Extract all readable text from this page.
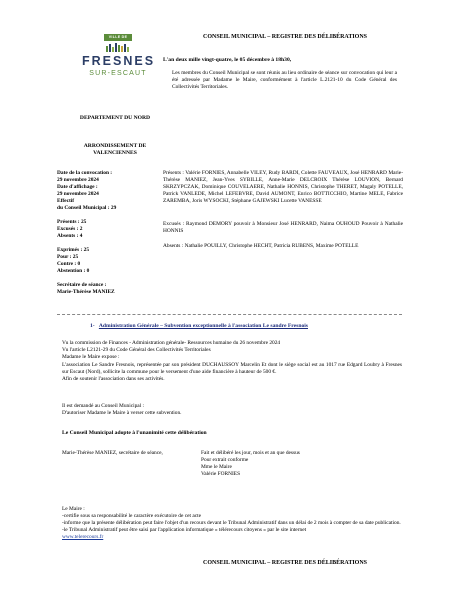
VILLE DE
FRESNES
SUR-ESCAUT
DEPARTEMENT DU NORD
ARRONDISSEMENT DE VALENCIENNES
CONSEIL MUNICIPAL – REGISTRE DES DÉLIBÉRATIONS
L'an deux mille vingt-quatre, le 05 décembre à 18h30,
Les membres du Conseil Municipal se sont réunis au lieu ordinaire de séance sur convocation qui leur a été adressée par Madame le Maire, conformément à l'article L.2121-10 du Code Général des Collectivités Territoriales.
Date de la convocation :
29 novembre 2024
Date d'affichage :
29 novembre 2024
Effectif
du Conseil Municipal : 29
Présents : 25
Excusés : 2
Absents : 4
Exprimés : 25
Pour : 25
Contre : 0
Abstention : 0
Secrétaire de séance :
Marie-Thérèse MANIEZ
Présents : Valérie FORNIES, Annabelle VILEY, Rudy BARDI, Colette FAUVEAUX, José HENRARD Marie-Thérèse MANIEZ, Jean-Yves SYBILLE, Anne-Marie DELCROIX Thérèse LOUVION, Bernard SKRZYPCZAK, Dominique COUVELAERE, Nathalie HONNIS, Christophe THERET, Magaly POTELLE, Patrick VANLEDE, Michel LEFEBVRE, David AUMONT, Enrico BOTTICCHIO, Martine MELE, Fabrice ZAREMBA, Joris WYSOCKI, Stéphane GAJEWSKI Lucette VANESSE
Excusés : Raymond DEMORY pouvoir à Monsieur José HENRARD, Naima OUHOUD Pouvoir à Nathalie HONNIS
Absents : Nathalie POUILLY, Christophe HECHT, Patricia RUBENS, Maxime POTELLE
1- Administration Générale – Subvention exceptionnelle à l'association Le sandre Fresnois
Vu la commission de Finances - Administration générale- Ressources humaine du 26 novembre 2024
Vu l'article L2121-29 du Code Général des Collectivités Territoriales
Madame le Maire expose :
L'association Le Sandre Fresnois, représentée par son président DUCHAUSSOY Marcelin Et dont le siège social est au 1017 rue Edgard Loubry à Fresnes sur Escaut (Nord), sollicite la commune pour le versement d'une aide financière à hauteur de 500 €.
Afin de soutenir l'association dans ses activités.
Il est demandé au Conseil Municipal :
D'autoriser Madame le Maire à verser cette subvention.
Le Conseil Municipal adopte à l'unanimité cette délibération
Marie-Thérèse MANIEZ, secrétaire de séance,	Fait et délibéré les jour, mois et an que dessus
Pour extrait conforme
Mme le Maire
Valérie FORNIES
Le Maire :
-certifie sous sa responsabilité le caractère exécutoire de cet acte
-informe que la présente délibération peut faire l'objet d'un recours devant le Tribunal Administratif dans un délai de 2 mois à compter de sa date publication.
-le Tribunal Administratif peut être saisi par l'application informatique « télérecours citoyens » par le site internet
www.telerecours.fr
CONSEIL MUNICIPAL – REGISTRE DES DÉLIBÉRATIONS
